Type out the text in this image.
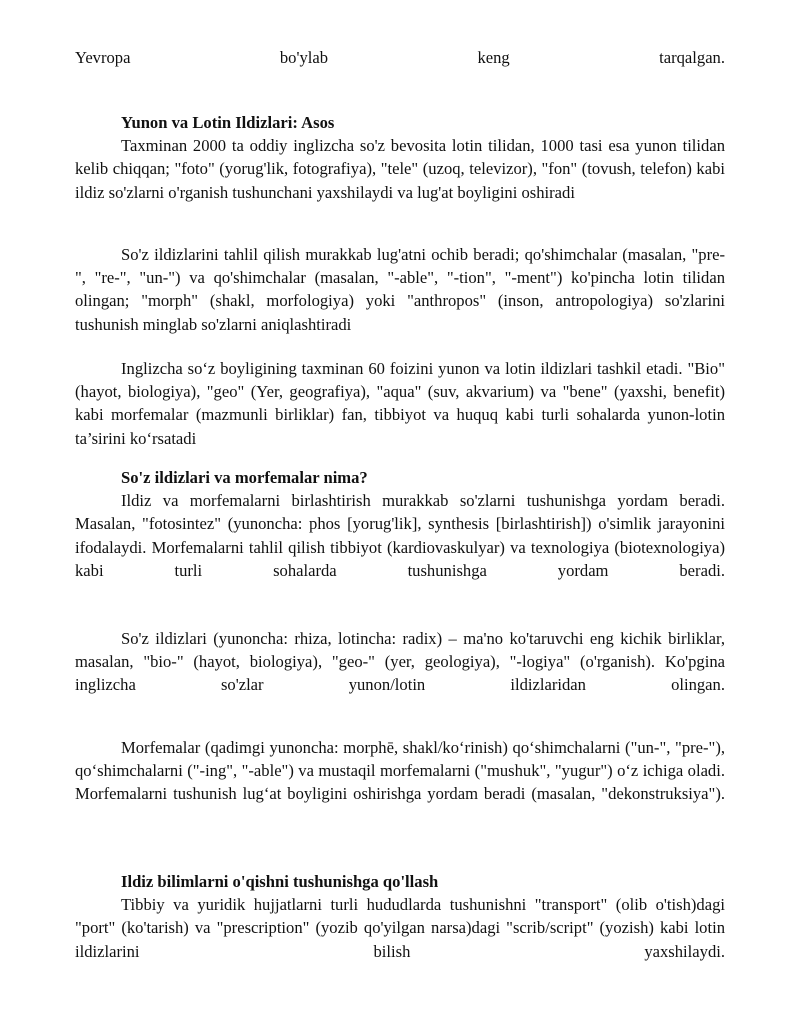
Yevropa bo'ylab keng tarqalgan.

Yunon va Lotin Ildizlari: Asos

Taxminan 2000 ta oddiy inglizcha so'z bevosita lotin tilidan, 1000 tasi esa yunon tilidan kelib chiqqan; "foto" (yorug'lik, fotografiya), "tele" (uzoq, televizor), "fon" (tovush, telefon) kabi ildiz so'zlarni o'rganish tushunchani yaxshilaydi va lug'at boyligini oshiradi

So'z ildizlarini tahlil qilish murakkab lug'atni ochib beradi; qo'shimchalar (masalan, "pre-", "re-", "un-") va qo'shimchalar (masalan, "-able", "-tion", "-ment") ko'pincha lotin tilidan olingan; "morph" (shakl, morfologiya) yoki "anthropos" (inson, antropologiya) so'zlarini tushunish minglab so'zlarni aniqlashtiradi

Inglizcha so‘z boyligining taxminan 60 foizini yunon va lotin ildizlari tashkil etadi. "Bio" (hayot, biologiya), "geo" (Yer, geografiya), "aqua" (suv, akvarium) va "bene" (yaxshi, benefit) kabi morfemalar (mazmunli birliklar) fan, tibbiyot va huquq kabi turli sohalarda yunon-lotin ta’sirini ko‘rsatadi

So'z ildizlari va morfemalar nima?

Ildiz va morfemalarni birlashtirish murakkab so'zlarni tushunishga yordam beradi. Masalan, "fotosintez" (yunoncha: phos [yorug'lik], synthesis [birlashtirish]) o'simlik jarayonini ifodalaydi. Morfemalarni tahlil qilish tibbiyot (kardiovaskulyar) va texnologiya (biotexnologiya) kabi turli sohalarda tushunishga yordam beradi.

So'z ildizlari (yunoncha: rhiza, lotincha: radix) – ma'no ko'taruvchi eng kichik birliklar, masalan, "bio-" (hayot, biologiya), "geo-" (yer, geologiya), "-logiya" (o'rganish). Ko'pgina inglizcha so'zlar yunon/lotin ildizlaridan olingan.

Morfemalar (qadimgi yunoncha: morphē, shakl/ko‘rinish) qo‘shimchalarni ("un-", "pre-"), qo‘shimchalarni ("-ing", "-able") va mustaqil morfemalarni ("mushuk", "yugur") o‘z ichiga oladi. Morfemalarni tushunish lug‘at boyligini oshirishga yordam beradi (masalan, "dekonstruksiya").

Ildiz bilimlarni o'qishni tushunishga qo'llash

Tibbiy va yuridik hujjatlarni turli hududlarda tushunishni "transport" (olib o'tish)dagi "port" (ko'tarish) va "prescription" (yozib qo'yilgan narsa)dagi "scrib/script" (yozish) kabi lotin ildizlarini bilish yaxshilaydi.
